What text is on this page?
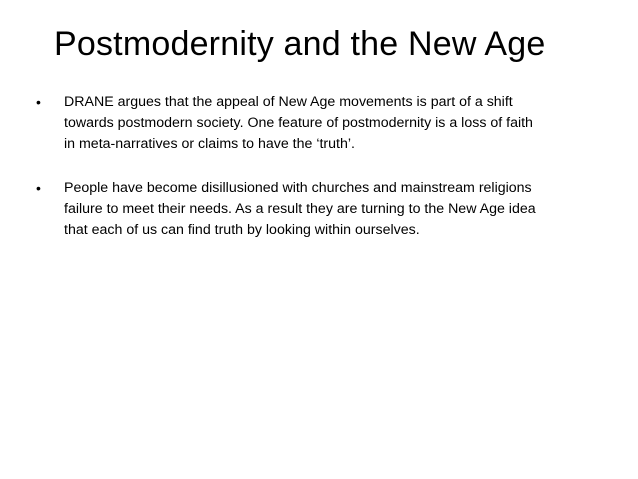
Postmodernity and the New Age
•	DRANE argues that the appeal of New Age movements is part of a shift towards postmodern society. One feature of postmodernity is a loss of faith in meta-narratives or claims to have the ‘truth’.
•	People have become disillusioned with churches and mainstream religions failure to meet their needs. As a result they are turning to the New Age idea that each of us can find truth by looking within ourselves.
